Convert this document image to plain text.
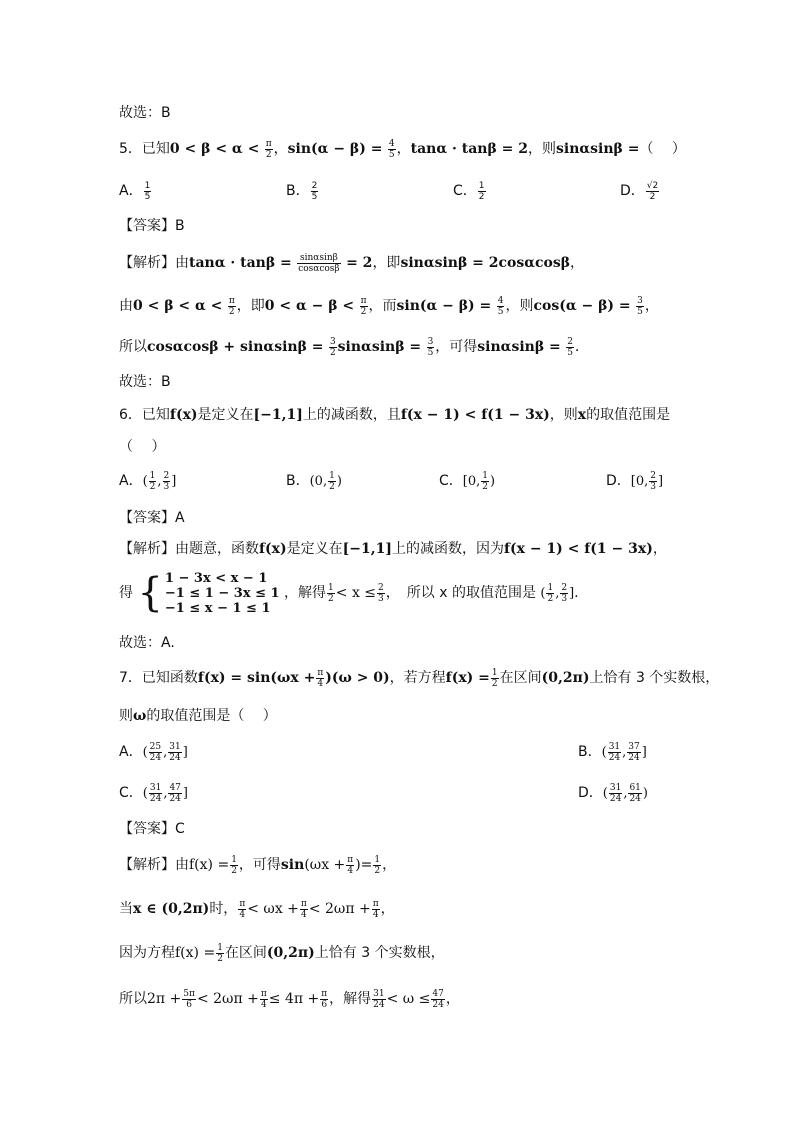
故选：B
5．已知$0 < \beta < \alpha < \frac{\pi}{2}$ ，$\sin(\alpha - \beta) = \frac{4}{5}$ ，tanα · tanβ = 2，则sinαsinβ =（　 ）
A． $\frac{1}{5}$	B． $\frac{2}{5}$	C． $\frac{1}{2}$	D． $\frac{√2}{2}$
【答案】B
【解析】由$\tan\alpha \cdot \tan\beta = \frac{\sin\alpha\sin\beta}{\cos\alpha\cos\beta} = 2$，即sinαsinβ = 2cosαcosβ，
由$0 < \beta < \alpha < \frac{\pi}{2}$ ，即$0 < \alpha - \beta < \frac{\pi}{2}$ ，而$\sin(\alpha - \beta) = \frac{4}{5}$ ，则$\cos(\alpha - \beta) = \frac{3}{5}$ ，
所以$\cos\alpha\cos\beta + \sin\alpha\sin\beta = \frac{3}{2}$ $\sin\alpha\sin\beta = \frac{3}{5}$ ，可得$\sin\alpha\sin\beta = \frac{2}{5}$ .
故选：B
6．已知f(x)是定义在[−1,1]上的减函数，且f(x − 1) < f(1 − 3x)，则x的取值范围是
（　 ）
A．( $\frac{1}{2}$ , $\frac{2}{3}$ ]	B．(0, $\frac{1}{2}$ )	C．[0, $\frac{1}{2}$ )	D．[0, $\frac{2}{3}$ ]
【答案】A
【解析】由题意，函数f(x)是定义在[−1,1]上的减函数，因为f(x − 1) < f(1 − 3x)，
得 { 1 − 3x < x − 1
−1 ≤ 1 − 3x ≤ 1
−1 ≤ x − 1 ≤ 1
，解得 $\frac{1}{2} < x \le \frac{2}{3}$ ，　所以 x 的取值范围是 ( $\frac{1}{2}$ , $\frac{2}{3}$ ].
故选：A.
7．已知函数$f(x) = \sin(\omega x + \frac{\pi}{4} )(\omega > 0)$，若方程$f(x) = \frac{1}{2}$ 在区间(0,2π)上恰有 3 个实数根，
则ω的取值范围是（　 ）
A．( $\frac{25}{24}$ , $\frac{31}{24}$ ]	B．( $\frac{31}{24}$ , $\frac{37}{24}$ ]
C．( $\frac{31}{24}$ , $\frac{47}{24}$ ]	D．( $\frac{31}{24}$ , $\frac{61}{24}$ )
【答案】C
【解析】由$f(x) = \frac{1}{2}$ ，可得$\sin(\omega x + \frac{\pi}{4}$ )= $\frac{1}{2}$ ，
当x ∈ (0,2π)时， $\frac{\pi}{4} < \omega x + \frac{\pi}{4} < 2\omega\pi + \frac{\pi}{4}$ ，
因为方程$f(x) = \frac{1}{2}$ 在区间(0,2π)上恰有 3 个实数根，
所以$2\pi + \frac{5\pi}{6} < 2\omega\pi + \frac{\pi}{4} \le 4\pi + \frac{\pi}{6}$ ，解得 $\frac{31}{24} < \omega \le \frac{47}{24}$ ，
